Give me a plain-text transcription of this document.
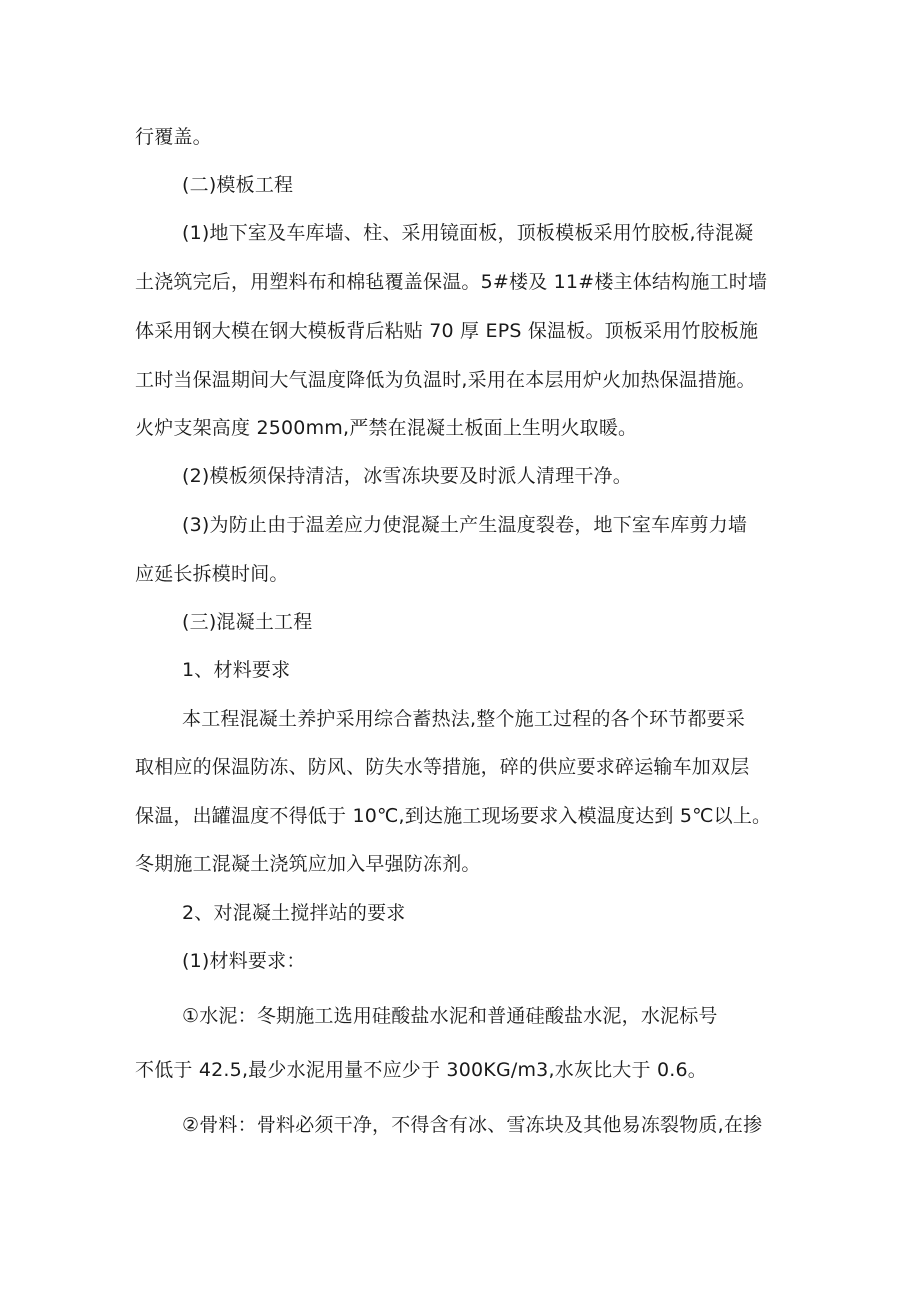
行覆盖。
(二)模板工程
(1)地下室及车库墙、柱、采用镜面板，顶板模板采用竹胶板,待混凝
土浇筑完后，用塑料布和棉毡覆盖保温。5#楼及 11#楼主体结构施工时墙
体采用钢大模在钢大模板背后粘贴 70 厚 EPS 保温板。顶板采用竹胶板施
工时当保温期间大气温度降低为负温时,采用在本层用炉火加热保温措施。
火炉支架高度 2500mm,严禁在混凝土板面上生明火取暖。
(2)模板须保持清洁，冰雪冻块要及时派人清理干净。
(3)为防止由于温差应力使混凝土产生温度裂卷，地下室车库剪力墙
应延长拆模时间。
(三)混凝土工程
1、材料要求
本工程混凝土养护采用综合蓄热法,整个施工过程的各个环节都要采
取相应的保温防冻、防风、防失水等措施，碎的供应要求碎运输车加双层
保温，出罐温度不得低于 10℃,到达施工现场要求入模温度达到 5℃以上。
冬期施工混凝土浇筑应加入早强防冻剂。
2、对混凝土搅拌站的要求
(1)材料要求：
①水泥：冬期施工选用硅酸盐水泥和普通硅酸盐水泥，水泥标号
不低于 42.5,最少水泥用量不应少于 300KG/m3,水灰比大于 0.6。
②骨料：骨料必须干净，不得含有冰、雪冻块及其他易冻裂物质,在掺
